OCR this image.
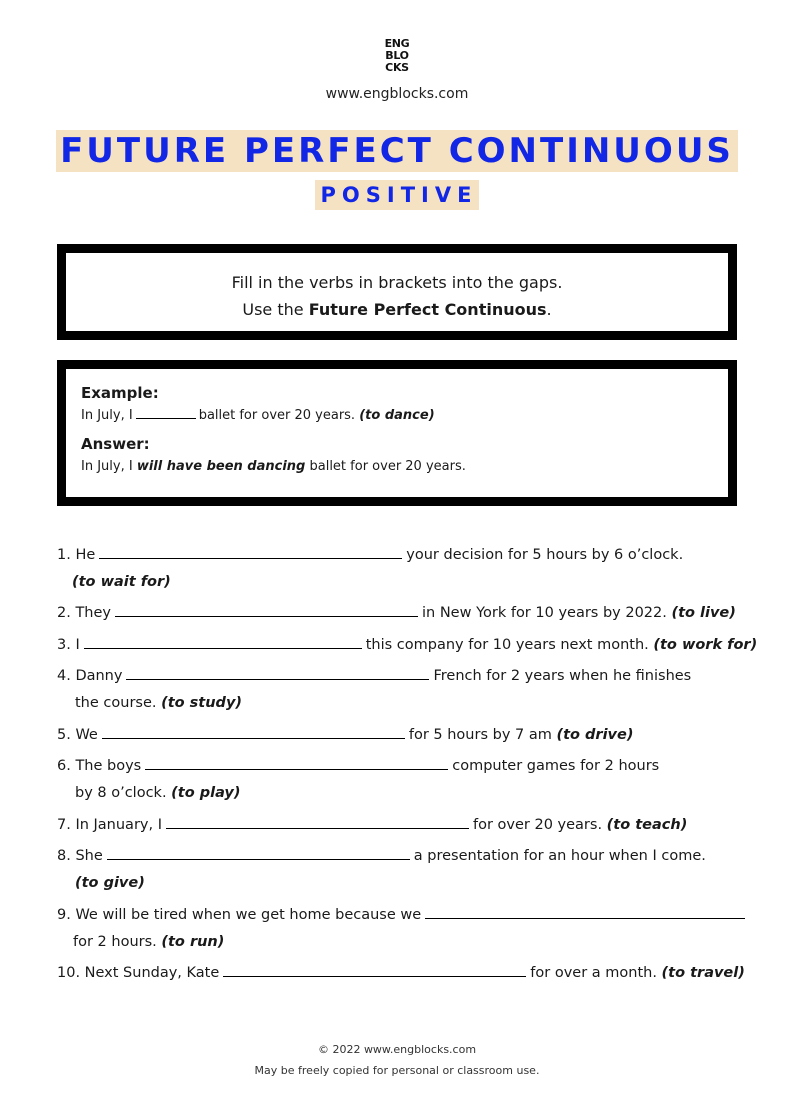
ENG
BLO
CKS
www.engblocks.com
FUTURE PERFECT CONTINUOUS
POSITIVE
Fill in the verbs in brackets into the gaps.
Use the Future Perfect Continuous.
Example:
In July, I	ballet for over 20 years. (to dance)
Answer:
In July, I will have been dancing ballet for over 20 years.
1. He	your decision for 5 hours by 6 o’clock.
(to wait for)
2. They	in New York for 10 years by 2022. (to live)
3. I	this company for 10 years next month. (to work for)
4. Danny	French for 2 years when he finishes
the course. (to study)
5. We	for 5 hours by 7 am (to drive)
6. The boys	computer games for 2 hours
by 8 o’clock. (to play)
7. In January, I	for over 20 years. (to teach)
8. She	a presentation for an hour when I come.
(to give)
9. We will be tired when we get home because we
for 2 hours. (to run)
10. Next Sunday, Kate	for over a month. (to travel)
© 2022 www.engblocks.com
May be freely copied for personal or classroom use.
